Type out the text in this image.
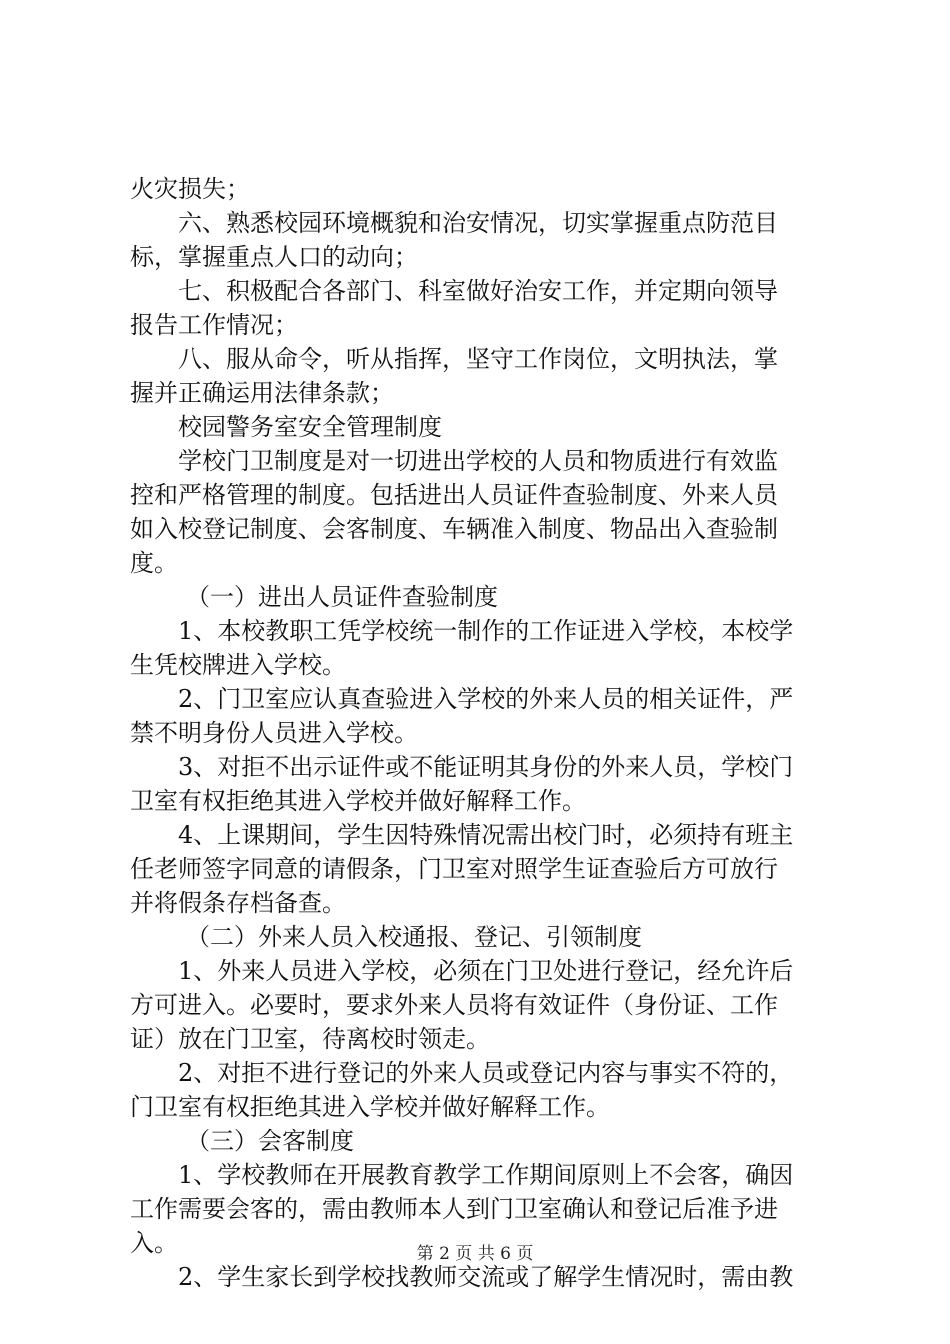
火灾损失；
六、熟悉校园环境概貌和治安情况，切实掌握重点防范目
标，掌握重点人口的动向；
七、积极配合各部门、科室做好治安工作，并定期向领导
报告工作情况；
八、服从命令，听从指挥，坚守工作岗位，文明执法，掌
握并正确运用法律条款；
校园警务室安全管理制度
学校门卫制度是对一切进出学校的人员和物质进行有效监
控和严格管理的制度。包括进出人员证件查验制度、外来人员
如入校登记制度、会客制度、车辆准入制度、物品出入查验制
度。
（一）进出人员证件查验制度
1、本校教职工凭学校统一制作的工作证进入学校，本校学
生凭校牌进入学校。
2、门卫室应认真查验进入学校的外来人员的相关证件，严
禁不明身份人员进入学校。
3、对拒不出示证件或不能证明其身份的外来人员，学校门
卫室有权拒绝其进入学校并做好解释工作。
4、上课期间，学生因特殊情况需出校门时，必须持有班主
任老师签字同意的请假条，门卫室对照学生证查验后方可放行
并将假条存档备查。
（二）外来人员入校通报、登记、引领制度
1、外来人员进入学校，必须在门卫处进行登记，经允许后
方可进入。必要时，要求外来人员将有效证件（身份证、工作
证）放在门卫室，待离校时领走。
2、对拒不进行登记的外来人员或登记内容与事实不符的，
门卫室有权拒绝其进入学校并做好解释工作。
（三）会客制度
1、学校教师在开展教育教学工作期间原则上不会客，确因
工作需要会客的，需由教师本人到门卫室确认和登记后准予进
入。
2、学生家长到学校找教师交流或了解学生情况时，需由教
第 2 页 共 6 页
